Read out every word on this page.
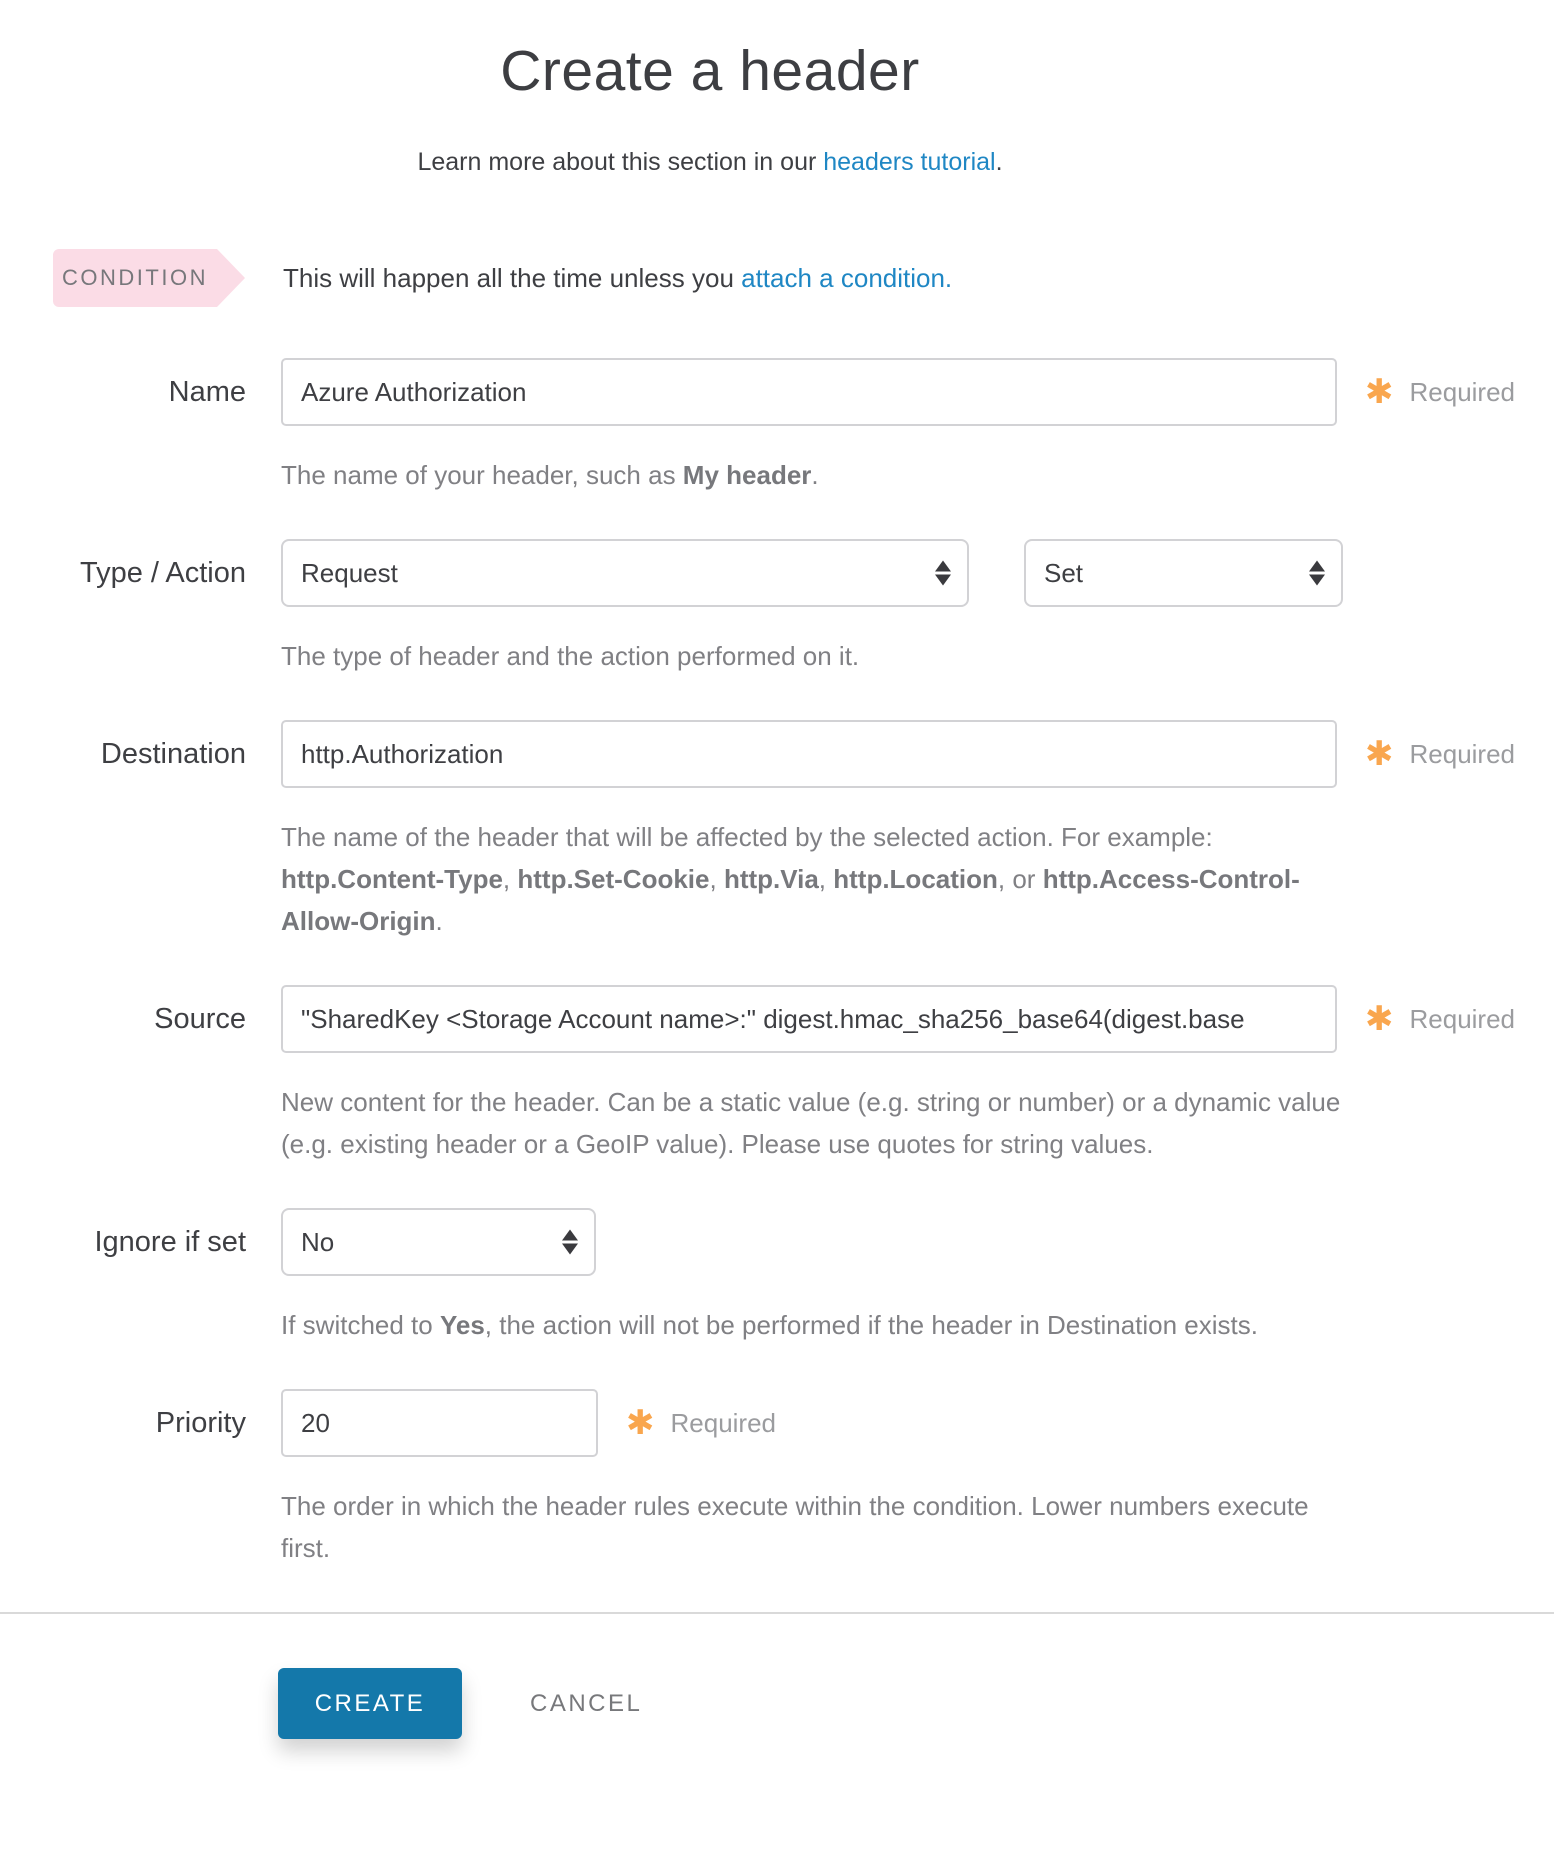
Create a header

Learn more about this section in our headers tutorial.

CONDITION	This will happen all the time unless you attach a condition.

Name
Azure Authorization	✱ Required

The name of your header, such as My header.

Type / Action Request	Set

The type of header and the action performed on it.

Destination
http.Authorization	✱ Required

The name of the header that will be affected by the selected action. For example: http.Content-Type, http.Set-Cookie, http.Via, http.Location, or http.Access-Control-Allow-Origin.

Source
"SharedKey <Storage Account name>:" digest.hmac_sha256_base64(digest.base	✱ Required

New content for the header. Can be a static value (e.g. string or number) or a dynamic value (e.g. existing header or a GeoIP value). Please use quotes for string values.

Ignore if set No

If switched to Yes, the action will not be performed if the header in Destination exists.

Priority
20	✱ Required

The order in which the header rules execute within the condition. Lower numbers execute first.

CREATE	CANCEL
